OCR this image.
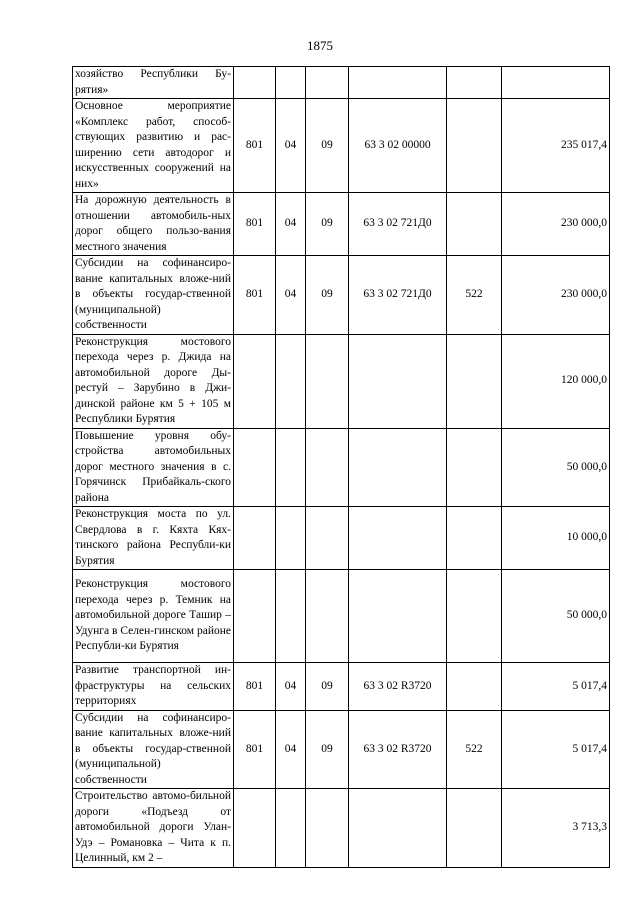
1875
хозяйство Республики Бу-рятия»						
Основное мероприятие «Комплекс работ, способ-ствующих развитию и рас-ширению сети автодорог и искусственных сооружений на них»	801	04	09	63 3 02 00000		235 017,4
На дорожную деятельность в отношении автомобиль-ных дорог общего пользо-вания местного значения	801	04	09	63 3 02 721Д0		230 000,0
Субсидии на софинансиро-вание капитальных вложе-ний в объекты государ-ственной (муниципальной) собственности	801	04	09	63 3 02 721Д0	522	230 000,0
Реконструкция мостового перехода через р. Джида на автомобильной дороге Ды-рестуй – Зарубино в Джи-динской районе км 5 + 105 м Республики Бурятия						120 000,0
Повышение уровня обу-стройства автомобильных дорог местного значения в с. Горячинск Прибайкаль-ского района						50 000,0
Реконструкция моста по ул. Свердлова в г. Кяхта Кях-тинского района Республи-ки Бурятия						10 000,0
Реконструкция мостового перехода через р. Темник на автомобильной дороге Ташир – Удунга в Селен-гинском районе Республи-ки Бурятия						50 000,0
Развитие транспортной ин-фраструктуры на сельских территориях	801	04	09	63 3 02 R3720		5 017,4
Субсидии на софинансиро-вание капитальных вложе-ний в объекты государ-ственной (муниципальной) собственности	801	04	09	63 3 02 R3720	522	5 017,4
Строительство автомо-бильной дороги «Подъезд от автомобильной дороги Улан-Удэ – Романовка – Чита к п. Целинный, км 2 –						3 713,3
